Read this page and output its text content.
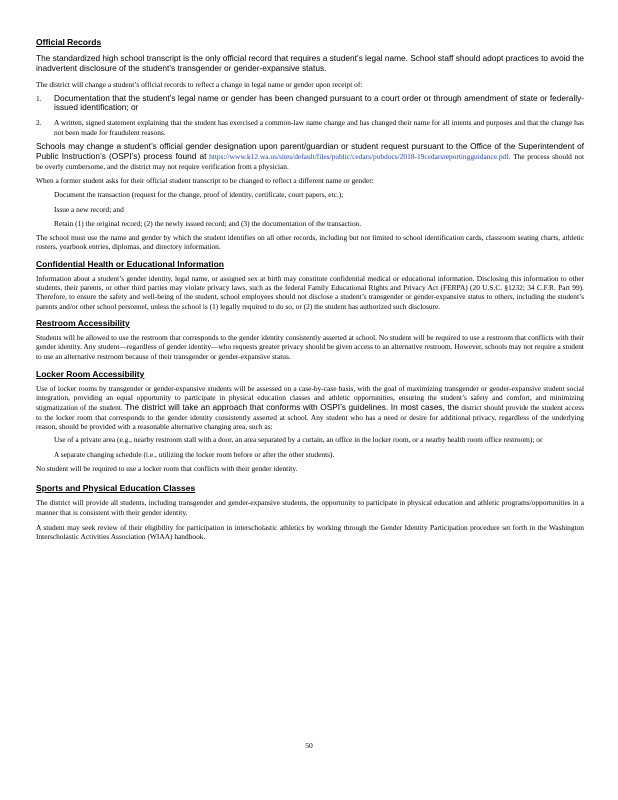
Official Records

The standardized high school transcript is the only official record that requires a student’s legal name. School staff should adopt practices to avoid the inadvertent disclosure of the student’s transgender or gender-expansive status.

The district will change a student’s official records to reflect a change in legal name or gender upon receipt of:

1.	Documentation that the student’s legal name or gender has been changed pursuant to a court order or through amendment of state or federally-issued identification; or
2.	A written, signed statement explaining that the student has exercised a common-law name change and has changed their name for all intents and purposes and that the change has not been made for fraudulent reasons.

Schools may change a student’s official gender designation upon parent/guardian or student request pursuant to the Office of the Superintendent of Public Instruction’s (OSPI’s) process found at https://www.k12.wa.us/sites/default/files/public/cedars/pubdocs/2018-19cedarsreportingguidance.pdf. The process should not be overly cumbersome, and the district may not require verification from a physician.

When a former student asks for their official student transcript to be changed to reflect a different name or gender:

Document the transaction (request for the change, proof of identity, certificate, court papers, etc.);
Issue a new record; and
Retain (1) the original record; (2) the newly issued record; and (3) the documentation of the transaction.

The school must use the name and gender by which the student identifies on all other records, including but not limited to school identification cards, classroom seating charts, athletic rosters, yearbook entries, diplomas, and directory information.

Confidential Health or Educational Information

Information about a student’s gender identity, legal name, or assigned sex at birth may constitute confidential medical or educational information. Disclosing this information to other students, their parents, or other third parties may violate privacy laws, such as the federal Family Educational Rights and Privacy Act (FERPA) (20 U.S.C. §1232; 34 C.F.R. Part 99). Therefore, to ensure the safety and well-being of the student, school employees should not disclose a student’s transgender or gender-expansive status to others, including the student’s parents and/or other school personnel, unless the school is (1) legally required to do so, or (2) the student has authorized such disclosure.

Restroom Accessibility

Students will be allowed to use the restroom that corresponds to the gender identity consistently asserted at school. No student will be required to use a restroom that conflicts with their gender identity. Any student—regardless of gender identity—who requests greater privacy should be given access to an alternative restroom. However, schools may not require a student to use an alternative restroom because of their transgender or gender-expansive status.

Locker Room Accessibility

Use of locker rooms by transgender or gender-expansive students will be assessed on a case-by-case basis, with the goal of maximizing transgender or gender-expansive student social integration, providing an equal opportunity to participate in physical education classes and athletic opportunities, ensuring the student’s safety and comfort, and minimizing stigmatization of the student. The district will take an approach that conforms with OSPI’s guidelines. In most cases, the district should provide the student access to the locker room that corresponds to the gender identity consistently asserted at school. Any student who has a need or desire for additional privacy, regardless of the underlying reason, should be provided with a reasonable alternative changing area, such as:

Use of a private area (e.g., nearby restroom stall with a door, an area separated by a curtain, an office in the locker room, or a nearby health room office restroom); or
A separate changing schedule (i.e., utilizing the locker room before or after the other students).

No student will be required to use a locker room that conflicts with their gender identity.

Sports and Physical Education Classes

The district will provide all students, including transgender and gender-expansive students, the opportunity to participate in physical education and athletic programs/opportunities in a manner that is consistent with their gender identity.

A student may seek review of their eligibility for participation in interscholastic athletics by working through the Gender Identity Participation procedure set forth in the Washington Interscholastic Activities Association (WIAA) handbook.

50
